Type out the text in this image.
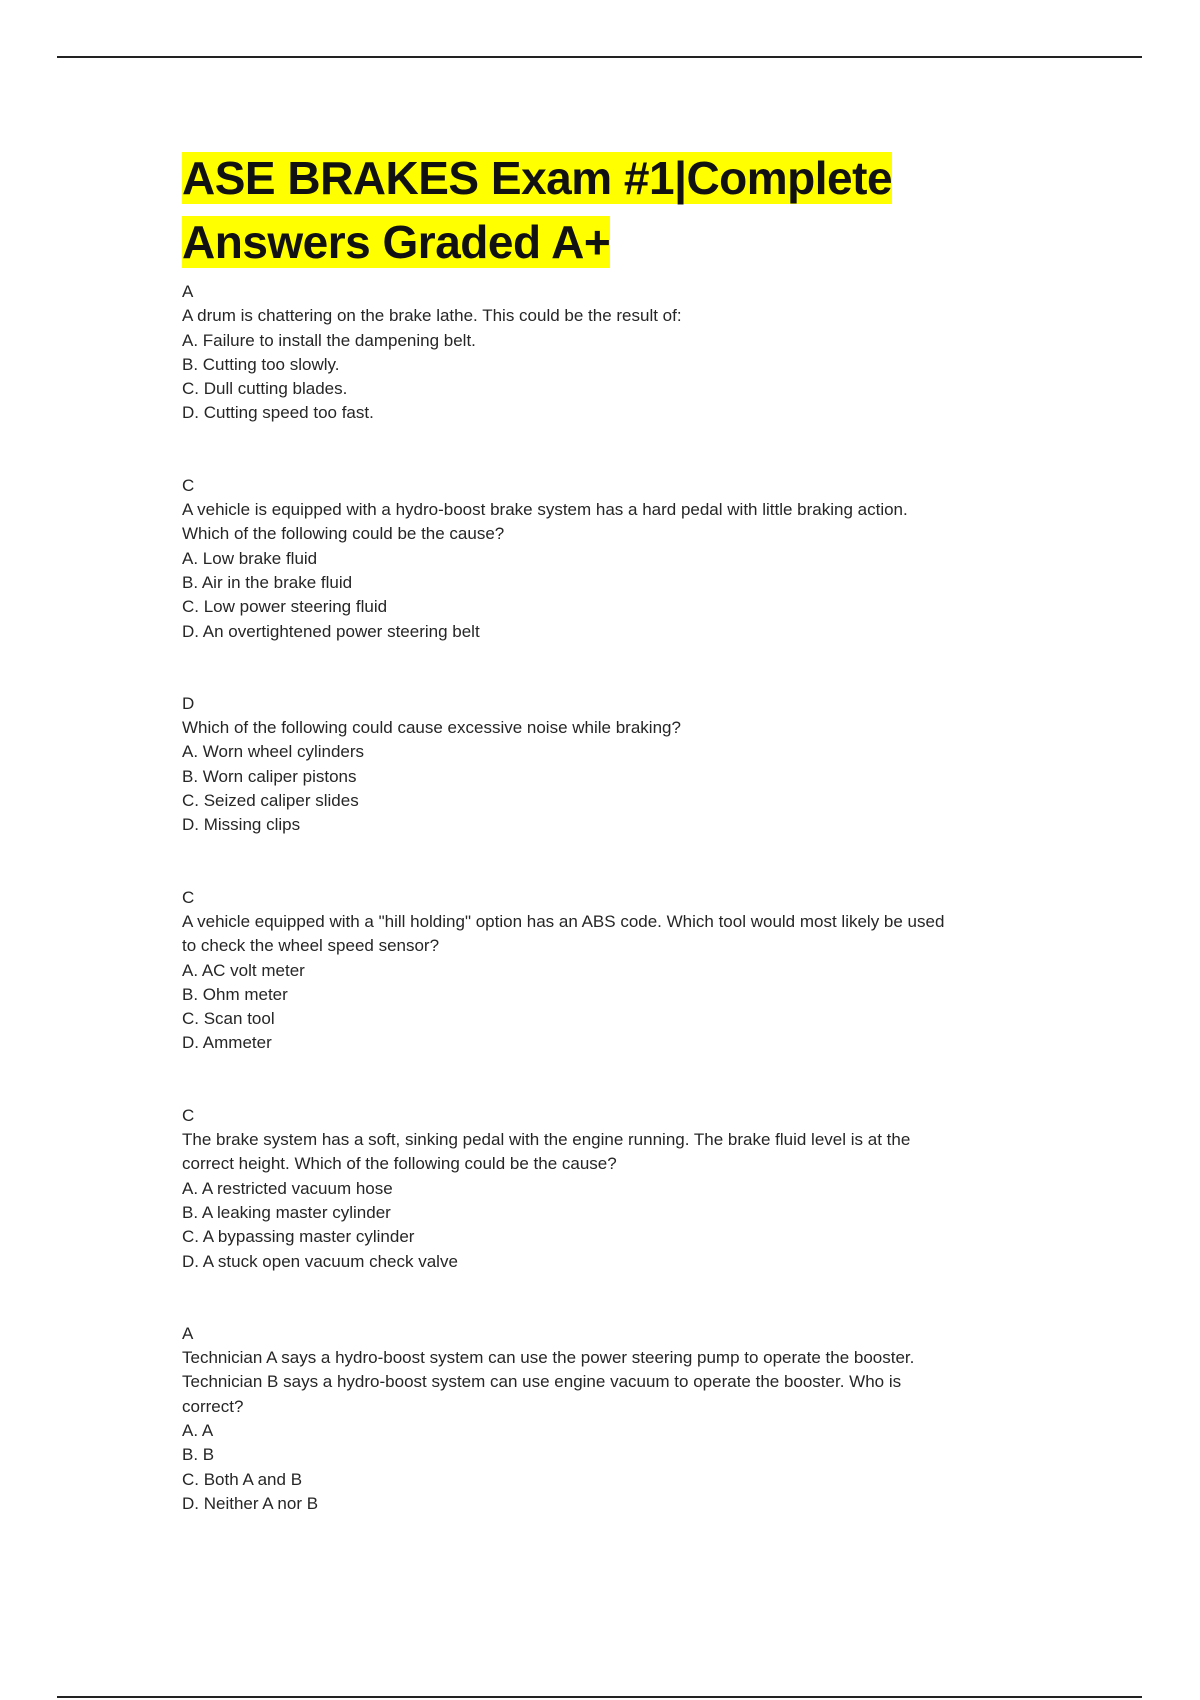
ASE BRAKES Exam #1|Complete
Answers Graded A+
A
A drum is chattering on the brake lathe. This could be the result of:
A. Failure to install the dampening belt.
B. Cutting too slowly.
C. Dull cutting blades.
D. Cutting speed too fast.
C
A vehicle is equipped with a hydro-boost brake system has a hard pedal with little braking action.
Which of the following could be the cause?
A. Low brake fluid
B. Air in the brake fluid
C. Low power steering fluid
D. An overtightened power steering belt
D
Which of the following could cause excessive noise while braking?
A. Worn wheel cylinders
B. Worn caliper pistons
C. Seized caliper slides
D. Missing clips
C
A vehicle equipped with a "hill holding" option has an ABS code. Which tool would most likely be used
to check the wheel speed sensor?
A. AC volt meter
B. Ohm meter
C. Scan tool
D. Ammeter
C
The brake system has a soft, sinking pedal with the engine running. The brake fluid level is at the
correct height. Which of the following could be the cause?
A. A restricted vacuum hose
B. A leaking master cylinder
C. A bypassing master cylinder
D. A stuck open vacuum check valve
A
Technician A says a hydro-boost system can use the power steering pump to operate the booster.
Technician B says a hydro-boost system can use engine vacuum to operate the booster. Who is
correct?
A. A
B. B
C. Both A and B
D. Neither A nor B
